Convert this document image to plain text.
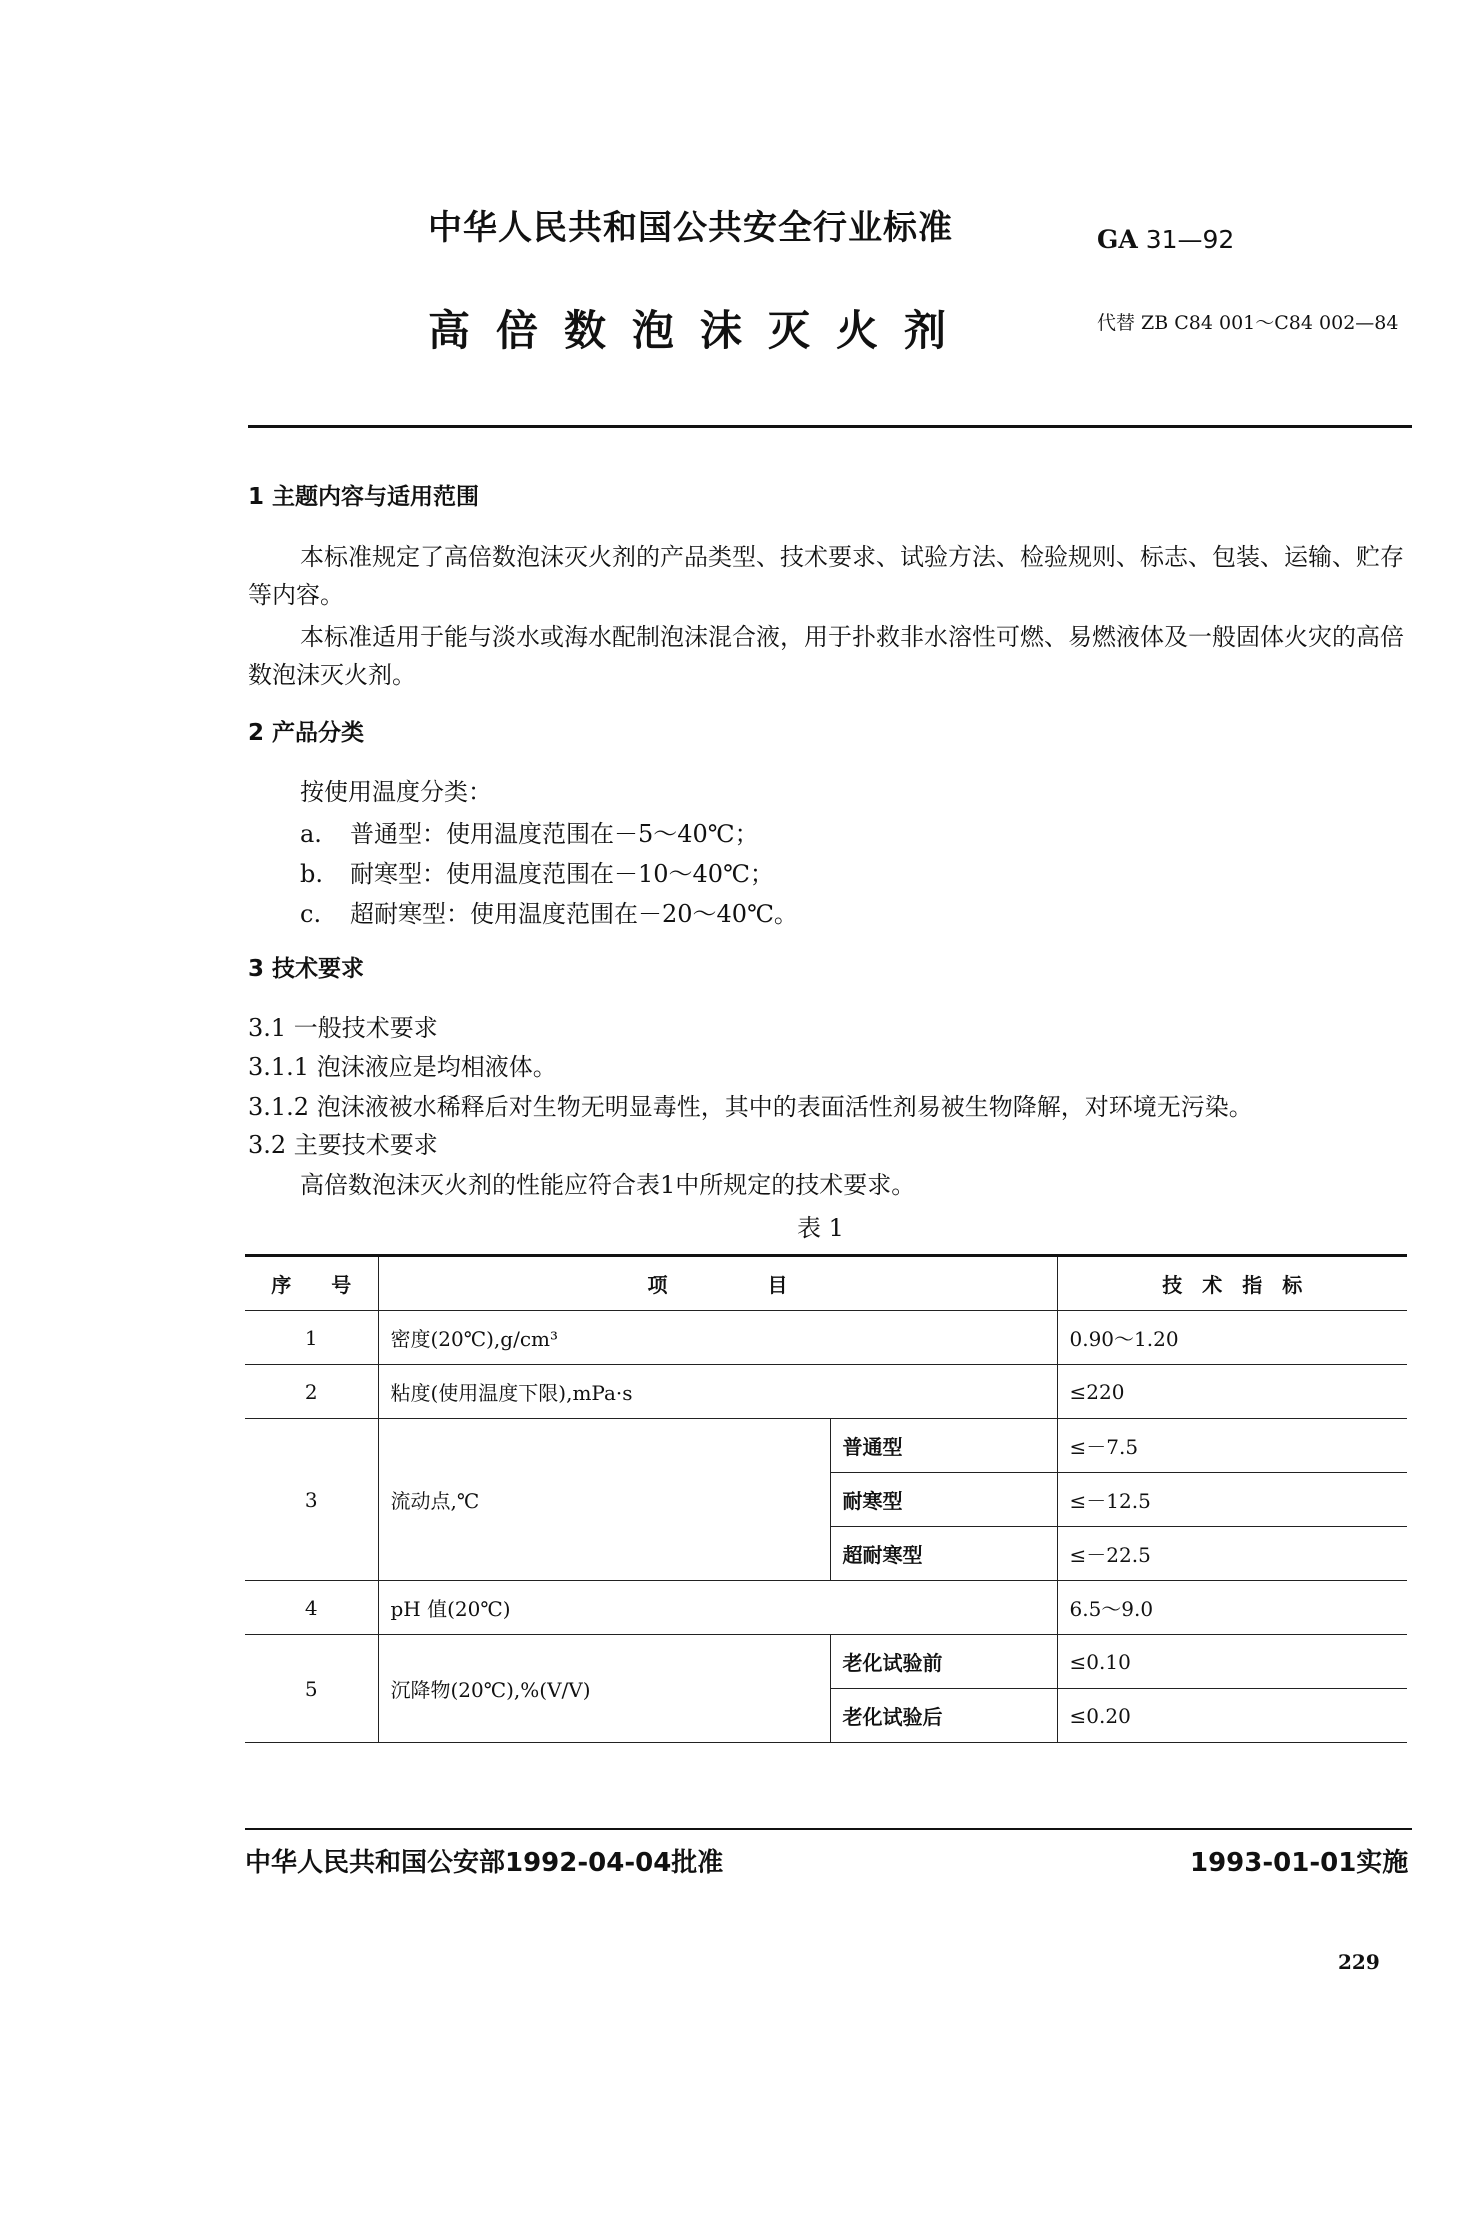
中华人民共和国公共安全行业标准	GA 31—92
高倍数泡沫灭火剂	代替 ZB C84 001～C84 002—84
1 主题内容与适用范围
本标准规定了高倍数泡沫灭火剂的产品类型、技术要求、试验方法、检验规则、标志、包装、运输、贮存等内容。
本标准适用于能与淡水或海水配制泡沫混合液，用于扑救非水溶性可燃、易燃液体及一般固体火灾的高倍数泡沫灭火剂。
2 产品分类
按使用温度分类：
a. 普通型：使用温度范围在－5～40℃；
b. 耐寒型：使用温度范围在－10～40℃；
c. 超耐寒型：使用温度范围在－20～40℃。
3 技术要求
3.1 一般技术要求
3.1.1 泡沫液应是均相液体。
3.1.2 泡沫液被水稀释后对生物无明显毒性，其中的表面活性剂易被生物降解，对环境无污染。
3.2 主要技术要求
高倍数泡沫灭火剂的性能应符合表1中所规定的技术要求。
表 1
序　　号	项　　　　　目		技　术　指　标
1	密度(20℃),g/cm³		0.90～1.20
2	粘度(使用温度下限),mPa·s		≤220
3	流动点,℃	普通型	≤－7.5
		耐寒型	≤－12.5
		超耐寒型	≤－22.5
4	pH 值(20℃)		6.5～9.0
5	沉降物(20℃),%(V/V)	老化试验前	≤0.10
		老化试验后	≤0.20
中华人民共和国公安部1992-04-04批准	1993-01-01实施
229
